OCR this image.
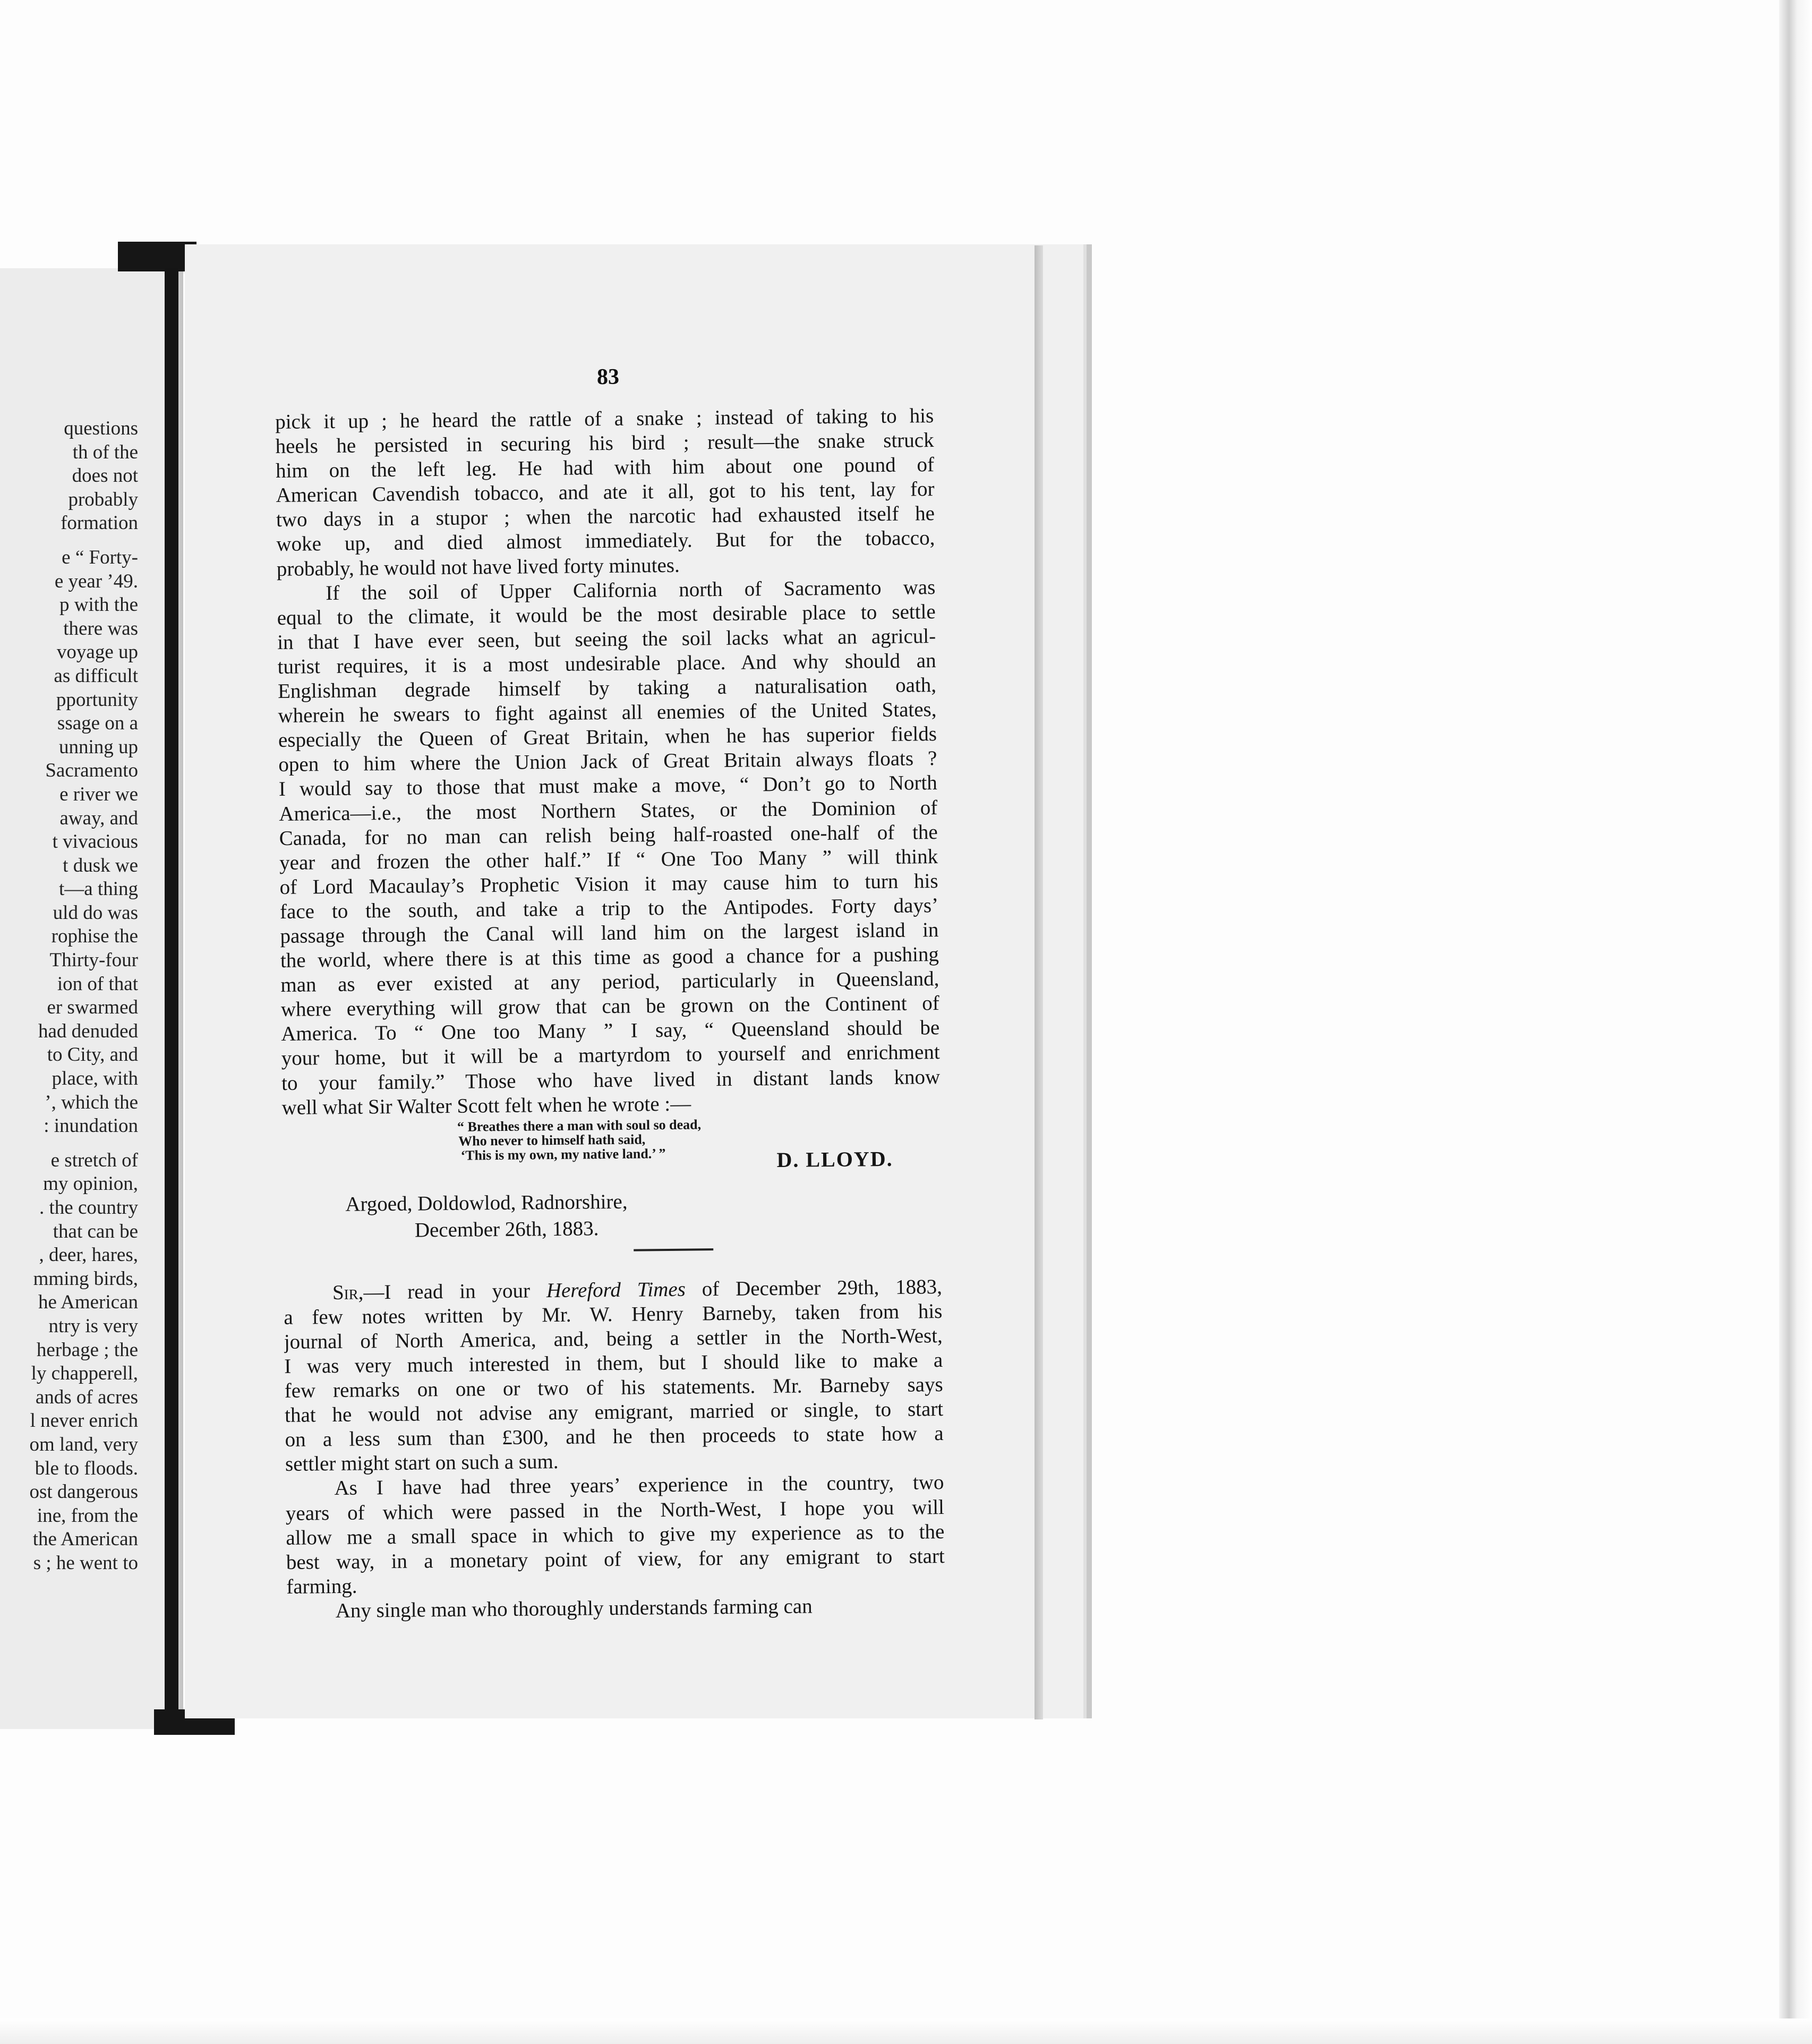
questions
th of the
does not
probably
formation
e “ Forty-
e year ’49.
p with the
there was
voyage up
as difficult
pportunity
ssage on a
unning up
Sacramento
e river we
away, and
t vivacious
t dusk we
t—a thing
uld do was
rophise the
Thirty-four
ion of that
er swarmed
had denuded
to City, and
place, with
’, which the
: inundation
e stretch of
my opinion,
. the country
that can be
, deer, hares,
mming birds,
he American
ntry is very
herbage ; the
ly chapperell,
ands of acres
l never enrich
om land, very
ble to floods.
ost dangerous
ine, from the
the American
s ; he went to
83
pick it up ; he heard the rattle of a snake ; instead of taking to his
heels he persisted in securing his bird ; result—the snake struck
him on the left leg. He had with him about one pound of
American Cavendish tobacco, and ate it all, got to his tent, lay for
two days in a stupor ; when the narcotic had exhausted itself he
woke up, and died almost immediately. But for the tobacco,
probably, he would not have lived forty minutes.
If the soil of Upper California north of Sacramento was
equal to the climate, it would be the most desirable place to settle
in that I have ever seen, but seeing the soil lacks what an agricul-
turist requires, it is a most undesirable place. And why should an
Englishman degrade himself by taking a naturalisation oath,
wherein he swears to fight against all enemies of the United States,
especially the Queen of Great Britain, when he has superior fields
open to him where the Union Jack of Great Britain always floats ?
I would say to those that must make a move, “ Don’t go to North
America—i.e., the most Northern States, or the Dominion of
Canada, for no man can relish being half-roasted one-half of the
year and frozen the other half.” If “ One Too Many ” will think
of Lord Macaulay’s Prophetic Vision it may cause him to turn his
face to the south, and take a trip to the Antipodes. Forty days’
passage through the Canal will land him on the largest island in
the world, where there is at this time as good a chance for a pushing
man as ever existed at any period, particularly in Queensland,
where everything will grow that can be grown on the Continent of
America. To “ One too Many ” I say, “ Queensland should be
your home, but it will be a martyrdom to yourself and enrichment
to your family.” Those who have lived in distant lands know
well what Sir Walter Scott felt when he wrote :—
“ Breathes there a man with soul so dead,
Who never to himself hath said,
‘This is my own, my native land.’ ”	D. LLOYD.
Argoed, Doldowlod, Radnorshire,
December 26th, 1883.
Sir,—I read in your Hereford Times of December 29th, 1883,
a few notes written by Mr. W. Henry Barneby, taken from his
journal of North America, and, being a settler in the North-West,
I was very much interested in them, but I should like to make a
few remarks on one or two of his statements. Mr. Barneby says
that he would not advise any emigrant, married or single, to start
on a less sum than £300, and he then proceeds to state how a
settler might start on such a sum.
As I have had three years’ experience in the country, two
years of which were passed in the North-West, I hope you will
allow me a small space in which to give my experience as to the
best way, in a monetary point of view, for any emigrant to start
farming.
Any single man who thoroughly understands farming can
